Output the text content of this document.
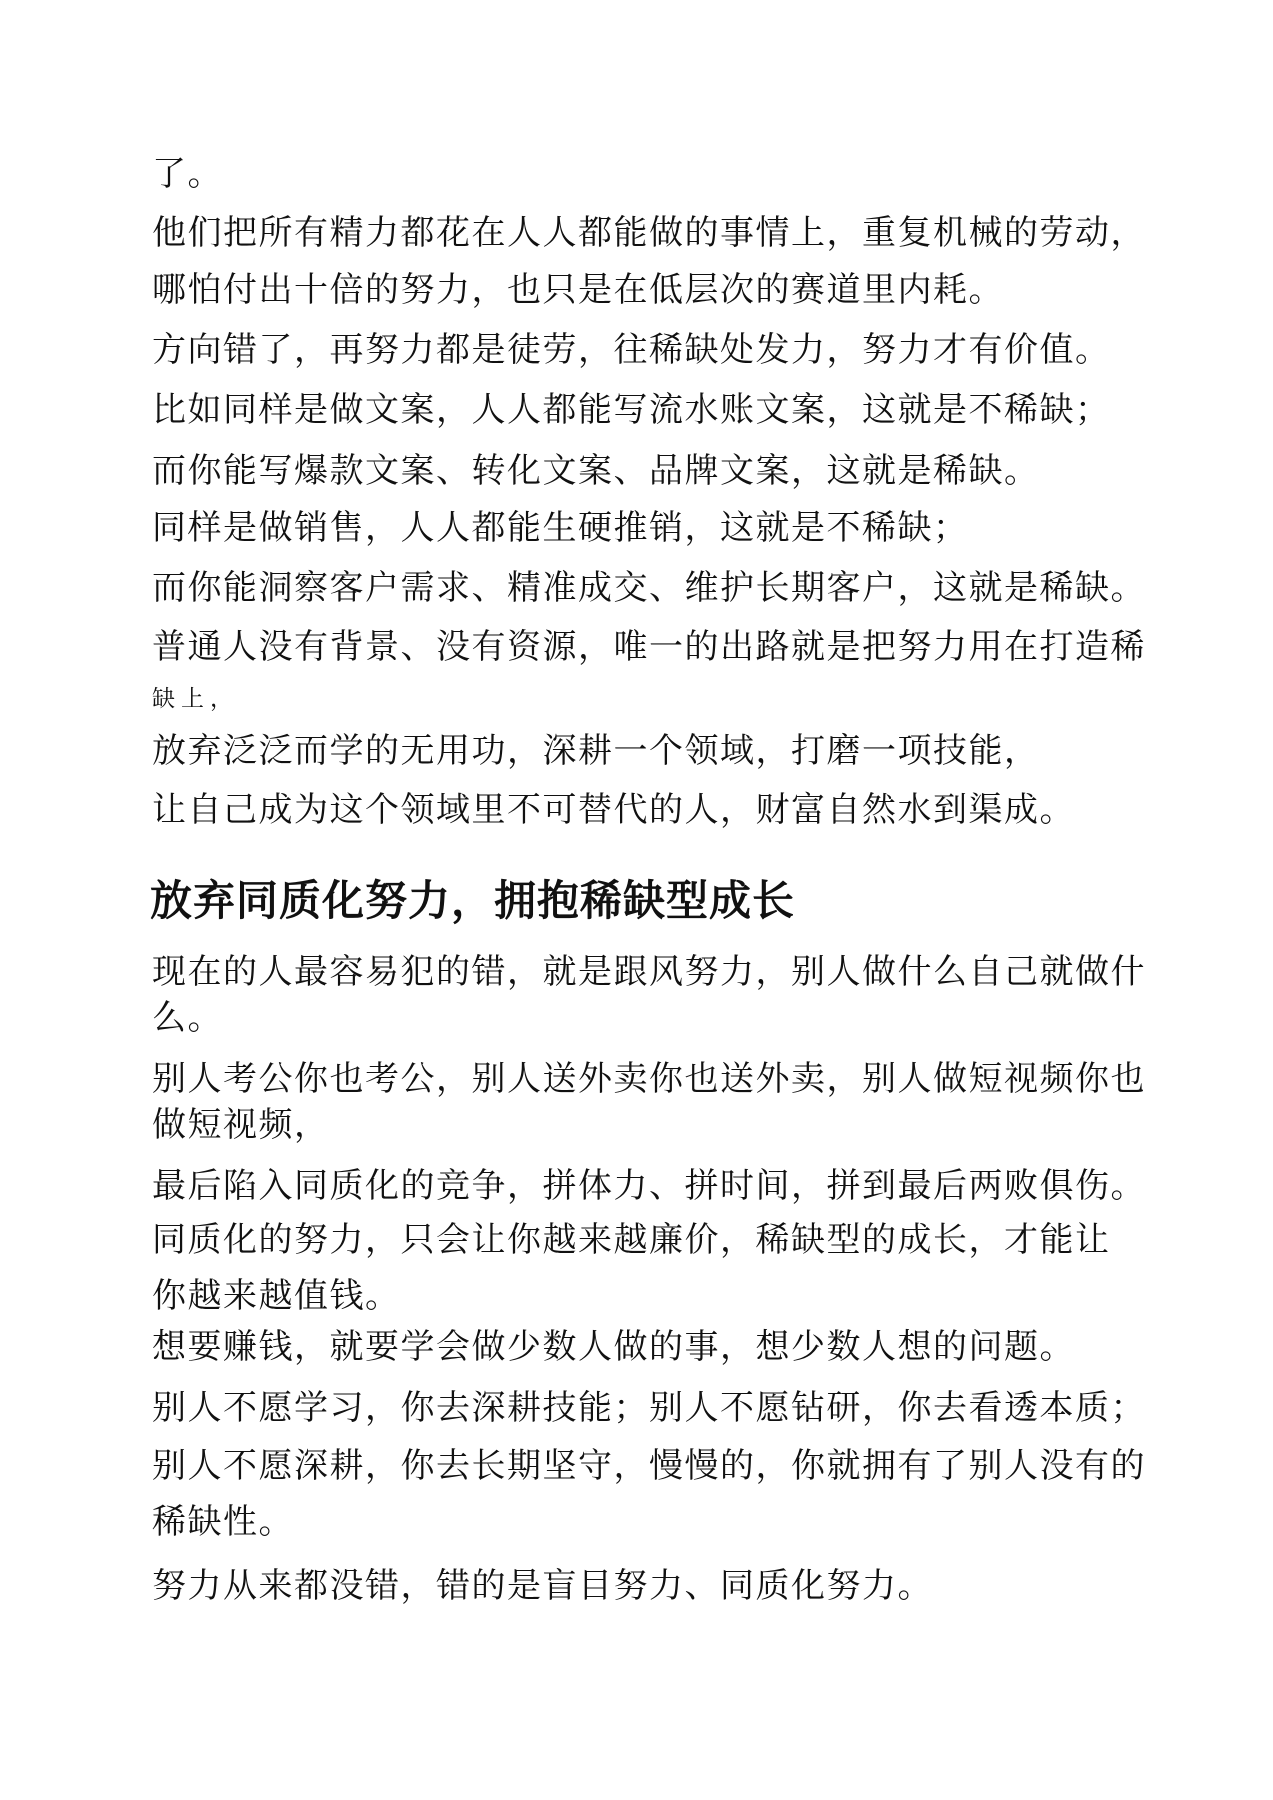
了。

他们把所有精力都花在人人都能做的事情上，重复机械的劳动，

哪怕付出十倍的努力，也只是在低层次的赛道里内耗。

方向错了，再努力都是徒劳，往稀缺处发力，努力才有价值。

比如同样是做文案，人人都能写流水账文案，这就是不稀缺；

而你能写爆款文案、转化文案、品牌文案，这就是稀缺。

同样是做销售，人人都能生硬推销，这就是不稀缺；

而你能洞察客户需求、精准成交、维护长期客户，这就是稀缺。

普通人没有背景、没有资源，唯一的出路就是把努力用在打造稀

缺上，

放弃泛泛而学的无用功，深耕一个领域，打磨一项技能，

让自己成为这个领域里不可替代的人，财富自然水到渠成。

放弃同质化努力，拥抱稀缺型成长

现在的人最容易犯的错，就是跟风努力，别人做什么自己就做什

么。

别人考公你也考公，别人送外卖你也送外卖，别人做短视频你也

做短视频，

最后陷入同质化的竞争，拼体力、拼时间，拼到最后两败俱伤。

同质化的努力，只会让你越来越廉价，稀缺型的成长，才能让

你越来越值钱。

想要赚钱，就要学会做少数人做的事，想少数人想的问题。

别人不愿学习，你去深耕技能；别人不愿钻研，你去看透本质；

别人不愿深耕，你去长期坚守，慢慢的，你就拥有了别人没有的

稀缺性。

努力从来都没错，错的是盲目努力、同质化努力。
